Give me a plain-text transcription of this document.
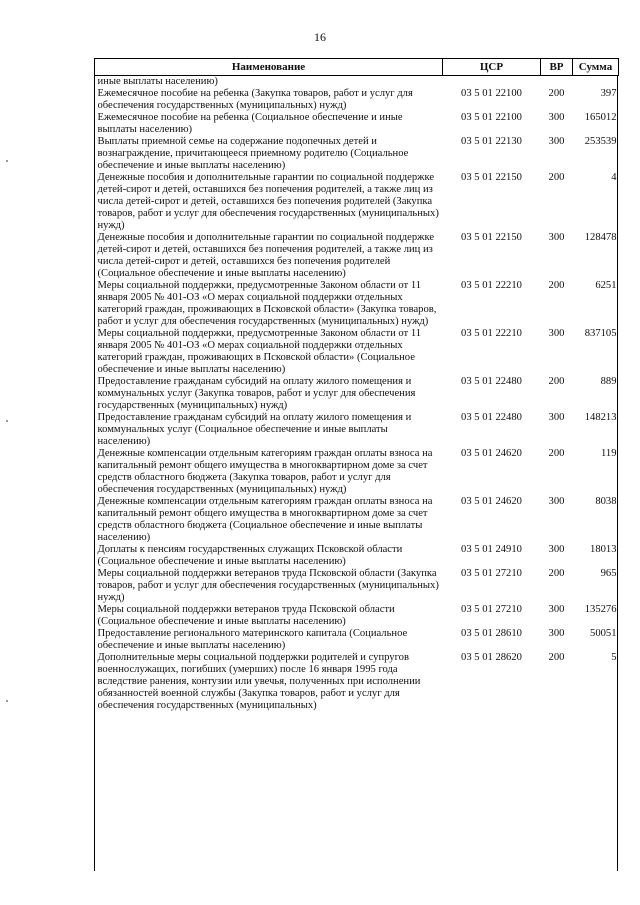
16
Наименование	ЦСР	ВР	Сумма
иные выплаты населению)			
Ежемесячное пособие на ребенка (Закупка товаров, работ и услуг для обеспечения государственных (муниципальных) нужд)	03 5 01 22100	200	397
Ежемесячное пособие на ребенка (Социальное обеспечение и иные выплаты населению)	03 5 01 22100	300	165012
Выплаты приемной семье на содержание подопечных детей и вознаграждение, причитающееся приемному родителю (Социальное обеспечение и иные выплаты населению)	03 5 01 22130	300	253539
Денежные пособия и дополнительные гарантии по социальной поддержке детей-сирот и детей, оставшихся без попечения родителей, а также лиц из числа детей-сирот и детей, оставшихся без попечения родителей (Закупка товаров, работ и услуг для обеспечения государственных (муниципальных) нужд)	03 5 01 22150	200	4
Денежные пособия и дополнительные гарантии по социальной поддержке детей-сирот и детей, оставшихся без попечения родителей, а также лиц из числа детей-сирот и детей, оставшихся без попечения родителей (Социальное обеспечение и иные выплаты населению)	03 5 01 22150	300	128478
Меры социальной поддержки, предусмотренные Законом области от 11 января 2005 № 401-ОЗ «О мерах социальной поддержки отдельных категорий граждан, проживающих в Псковской области» (Закупка товаров, работ и услуг для обеспечения государственных (муниципальных) нужд)	03 5 01 22210	200	6251
Меры социальной поддержки, предусмотренные Законом области от 11 января 2005 № 401-ОЗ «О мерах социальной поддержки отдельных категорий граждан, проживающих в Псковской области» (Социальное обеспечение и иные выплаты населению)	03 5 01 22210	300	837105
Предоставление гражданам субсидий на оплату жилого помещения и коммунальных услуг (Закупка товаров, работ и услуг для обеспечения государственных (муниципальных) нужд)	03 5 01 22480	200	889
Предоставление гражданам субсидий на оплату жилого помещения и коммунальных услуг (Социальное обеспечение и иные выплаты населению)	03 5 01 22480	300	148213
Денежные компенсации отдельным категориям граждан оплаты взноса на капитальный ремонт общего имущества в многоквартирном доме за счет средств областного бюджета (Закупка товаров, работ и услуг для обеспечения государственных (муниципальных) нужд)	03 5 01 24620	200	119
Денежные компенсации отдельным категориям граждан оплаты взноса на капитальный ремонт общего имущества в многоквартирном доме за счет средств областного бюджета (Социальное обеспечение и иные выплаты населению)	03 5 01 24620	300	8038
Доплаты к пенсиям государственных служащих Псковской области (Социальное обеспечение и иные выплаты населению)	03 5 01 24910	300	18013
Меры социальной поддержки ветеранов труда Псковской области (Закупка товаров, работ и услуг для обеспечения государственных (муниципальных) нужд)	03 5 01 27210	200	965
Меры социальной поддержки ветеранов труда Псковской области (Социальное обеспечение и иные выплаты населению)	03 5 01 27210	300	135276
Предоставление регионального материнского капитала (Социальное обеспечение и иные выплаты населению)	03 5 01 28610	300	50051
Дополнительные меры социальной поддержки родителей и супругов военнослужащих, погибших (умерших) после 16 января 1995 года вследствие ранения, контузии или увечья, полученных при исполнении обязанностей военной службы (Закупка товаров, работ и услуг для обеспечения государственных (муниципальных)	03 5 01 28620	200	5
